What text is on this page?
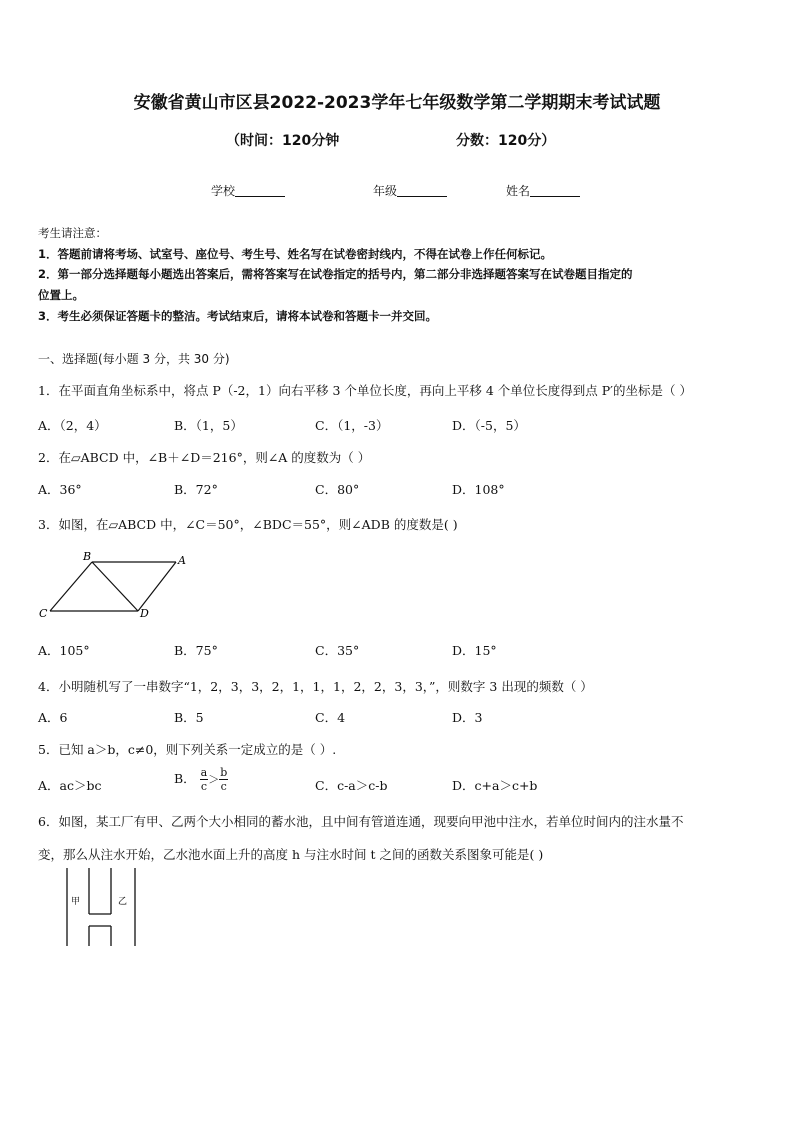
安徽省黄山市区县2022-2023学年七年级数学第二学期期末考试试题
（时间：120分钟	分数：120分）
学校	年级	姓名
考生请注意：
1．答题前请将考场、试室号、座位号、考生号、姓名写在试卷密封线内，不得在试卷上作任何标记。
2．第一部分选择题每小题选出答案后，需将答案写在试卷指定的括号内，第二部分非选择题答案写在试卷题目指定的
位置上。
3．考生必须保证答题卡的整洁。考试结束后，请将本试卷和答题卡一并交回。
一、选择题(每小题 3 分，共 30 分)
1．在平面直角坐标系中，将点 P（-2，1）向右平移 3 个单位长度，再向上平移 4 个单位长度得到点 P′的坐标是（ ）
A．（2，4）	B．（1，5）	C．（1，-3）	D．（-5，5）
2．在▱ABCD 中，∠B＋∠D＝216°，则∠A 的度数为（ ）
A．36°	B．72°	C．80°	D．108°
3．如图，在▱ABCD 中，∠C＝50°，∠BDC＝55°，则∠ADB 的度数是( )
B	A
C	D
A．105°	B．75°	C．35°	D．15°
4．小明随机写了一串数字“1，2，3，3，2，1，1，1，2，2，3，3，”，则数字 3 出现的频数（ ）
A．6	B．5	C．4	D．3
5．已知 a＞b，c≠0，则下列关系一定成立的是（ ）.
A．ac＞bc	B． $\frac{a}{c} > \frac{b}{c}$	C．c-a＞c-b	D．c+a＞c+b
6．如图，某工厂有甲、乙两个大小相同的蓄水池，且中间有管道连通，现要向甲池中注水，若单位时间内的注水量不
变，那么从注水开始，乙水池水面上升的高度 h 与注水时间 t 之间的函数关系图象可能是( )
甲	乙
